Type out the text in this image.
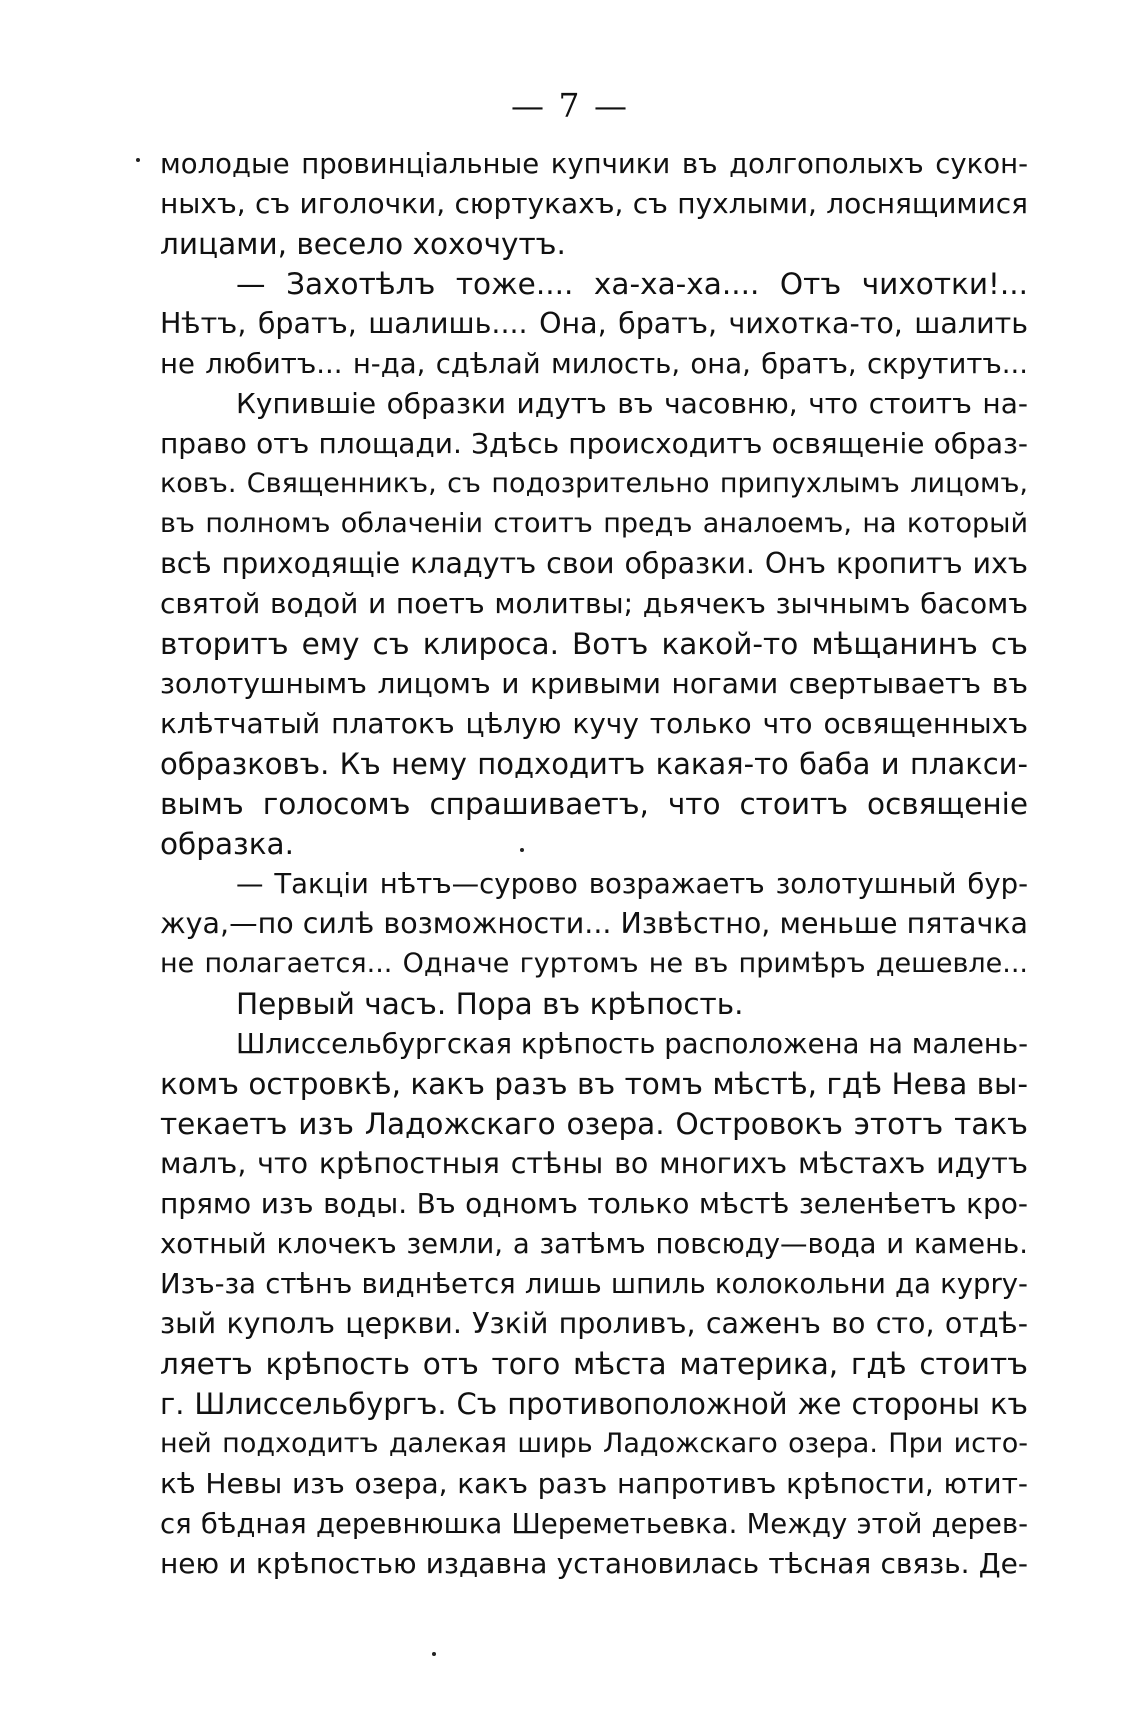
— 7 —
молодые провинціальные купчики въ долгополыхъ сукон-
ныхъ, съ иголочки, сюртукахъ, съ пухлыми, лоснящимися
лицами, весело хохочутъ.
— Захотѣлъ тоже.... ха-ха-ха.... Отъ чихотки!...
Нѣтъ, братъ, шалишь.... Она, братъ, чихотка-то, шалить
не любитъ... н-да, сдѣлай милость, она, братъ, скрутитъ...
Купившіе образки идутъ въ часовню, что стоитъ на-
право отъ площади. Здѣсь происходитъ освященіе образ-
ковъ. Священникъ, съ подозрительно припухлымъ лицомъ,
въ полномъ облаченіи стоитъ предъ аналоемъ, на который
всѣ приходящіе кладутъ свои образки. Онъ кропитъ ихъ
святой водой и поетъ молитвы; дьячекъ зычнымъ басомъ
вторитъ ему съ клироса. Вотъ какой-то мѣщанинъ съ
золотушнымъ лицомъ и кривыми ногами свертываетъ въ
клѣтчатый платокъ цѣлую кучу только что освященныхъ
образковъ. Къ нему подходитъ какая-то баба и плакси-
вымъ голосомъ спрашиваетъ, что стоитъ освященіе
образка.
— Такціи нѣтъ—сурово возражаетъ золотушный бур-
жуа,—по силѣ возможности... Извѣстно, меньше пятачка
не полагается... Одначе гуртомъ не въ примѣръ дешевле...
Первый часъ. Пора въ крѣпость.
Шлиссельбургская крѣпость расположена на малень-
комъ островкѣ, какъ разъ въ томъ мѣстѣ, гдѣ Нева вы-
текаетъ изъ Ладожскаго озера. Островокъ этотъ такъ
малъ, что крѣпостныя стѣны во многихъ мѣстахъ идутъ
прямо изъ воды. Въ одномъ только мѣстѣ зеленѣетъ кро-
хотный клочекъ земли, а затѣмъ повсюду—вода и камень.
Изъ-за стѣнъ виднѣется лишь шпиль колокольни да курrу-
зый куполъ церкви. Узкій проливъ, саженъ во сто, отдѣ-
ляетъ крѣпость отъ того мѣста материка, гдѣ стоитъ
г. Шлиссельбургъ. Съ противоположной же стороны къ
ней подходитъ далекая ширь Ладожскаго озера. При исто-
кѣ Невы изъ озера, какъ разъ напротивъ крѣпости, ютит-
ся бѣдная деревнюшка Шереметьевка. Между этой дерев-
нею и крѣпостью издавна установилась тѣсная связь. Де-
